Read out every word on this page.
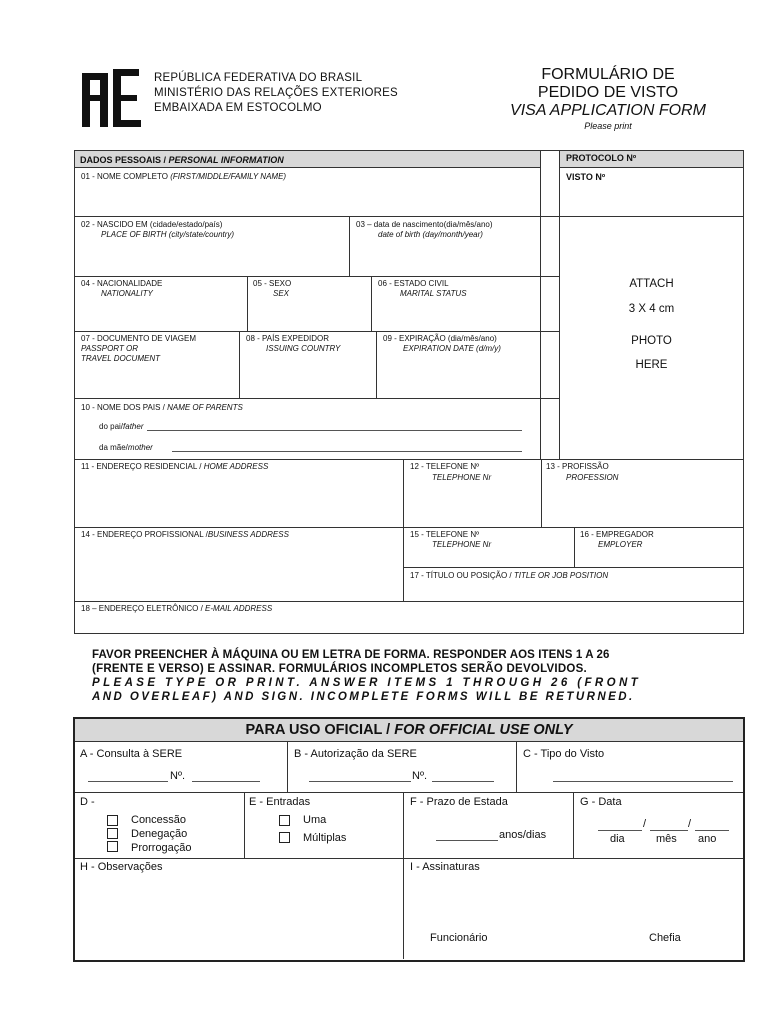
REPÚBLICA FEDERATIVA DO BRASIL
MINISTÉRIO DAS RELAÇÕES EXTERIORES
EMBAIXADA EM ESTOCOLMO
FORMULÁRIO DE
PEDIDO DE VISTO
VISA APPLICATION FORM
Please print
DADOS PESSOAIS / PERSONAL INFORMATION	PROTOCOLO Nº
VISTO Nº
01 - NOME COMPLETO (FIRST/MIDDLE/FAMILY NAME)
02 - NASCIDO EM (cidade/estado/país)
PLACE OF BIRTH (city/state/country)
03 – data de nascimento(dia/mês/ano)
date of birth (day/month/year)
04 - NACIONALIDADE
NATIONALITY
05 - SEXO
SEX
06 - ESTADO CIVIL
MARITAL STATUS
07 - DOCUMENTO DE VIAGEM
PASSPORT OR
TRAVEL DOCUMENT
08 - PAÍS EXPEDIDOR
ISSUING COUNTRY
09 - EXPIRAÇÃO (dia/mês/ano)
EXPIRATION DATE (d/m/y)
ATTACH
3 X 4 cm
PHOTO
HERE
10 - NOME DOS PAIS / NAME OF PARENTS
do pai/father
da mãe/mother
11 - ENDEREÇO RESIDENCIAL / HOME ADDRESS	12 - TELEFONE Nº
TELEPHONE Nr
13 - PROFISSÃO
PROFESSION
14 - ENDEREÇO PROFISSIONAL /BUSINESS ADDRESS	15 - TELEFONE Nº
TELEPHONE Nr
16 - EMPREGADOR
EMPLOYER
17 - TÍTULO OU POSIÇÃO / TITLE OR JOB POSITION
18 – ENDEREÇO ELETRÔNICO / E-MAIL ADDRESS
FAVOR PREENCHER À MÁQUINA OU EM LETRA DE FORMA. RESPONDER AOS ITENS 1 A 26
(FRENTE E VERSO) E ASSINAR. FORMULÁRIOS INCOMPLETOS SERÃO DEVOLVIDOS.
PLEASE TYPE OR PRINT. ANSWER ITEMS 1 THROUGH 26 (FRONT
AND OVERLEAF) AND SIGN. INCOMPLETE FORMS WILL BE RETURNED.
PARA USO OFICIAL / FOR OFFICIAL USE ONLY
A - Consulta à SERE
Nº.
B - Autorização da SERE
Nº.
C - Tipo do Visto
D -
Concessão
Denegação
Prorrogação
E - Entradas
Uma
Múltiplas
F - Prazo de Estada
anos/dias
G - Data
/	/
dia	mês ano
H - Observações	I - Assinaturas
Funcionário	Chefia
